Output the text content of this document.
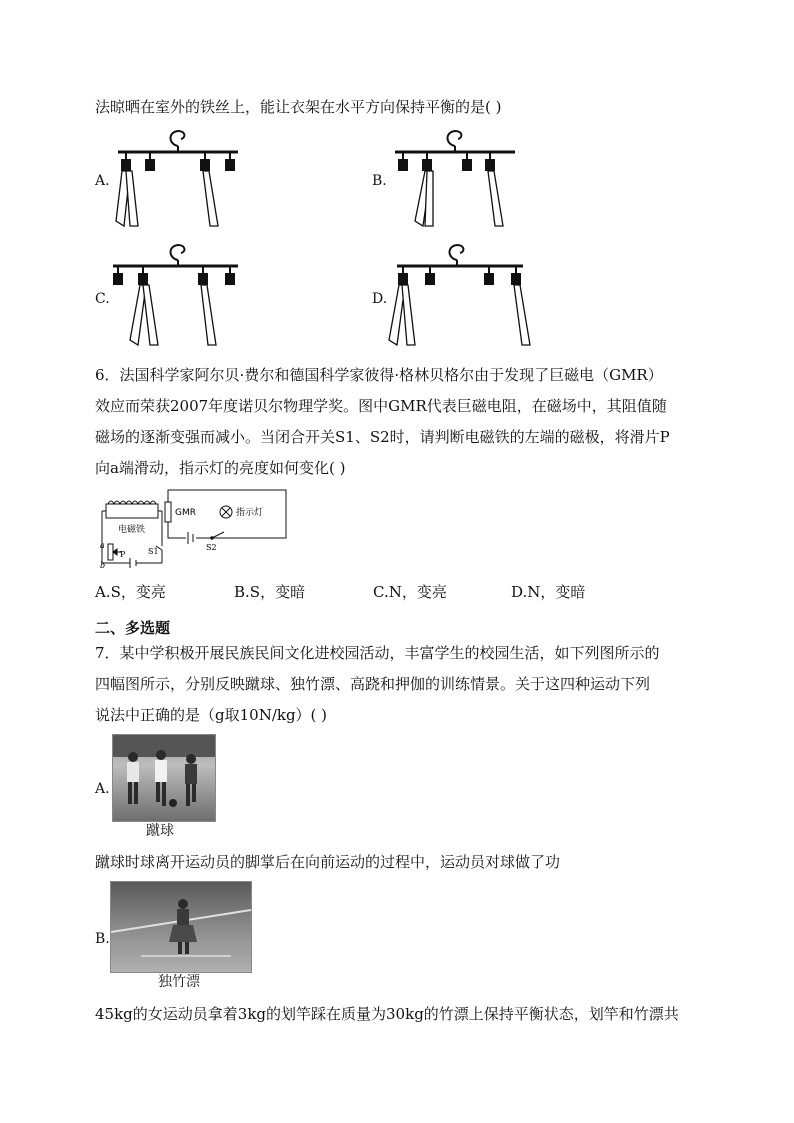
法晾晒在室外的铁丝上，能让衣架在水平方向保持平衡的是( )
A.	B.
C.	D.
6．法国科学家阿尔贝·费尔和德国科学家彼得·格林贝格尔由于发现了巨磁电（GMR）
效应而荣获2007年度诺贝尔物理学奖。图中GMR代表巨磁电阻，在磁场中，其阻值随
磁场的逐渐变强而减小。当闭合开关S1、S2时，请判断电磁铁的左端的磁极，将滑片P
向a端滑动，指示灯的亮度如何变化( )
电磁铁
a
b
P	S1
GMR	指示灯
S2
A.S，变亮	B.S，变暗	C.N，变亮	D.N，变暗
二、多选题
7．某中学积极开展民族民间文化进校园活动，丰富学生的校园生活，如下列图所示的
四幅图所示，分别反映蹴球、独竹漂、高跷和押伽的训练情景。关于这四种运动下列
说法中正确的是（g取10N/kg）( )
A.
蹴球
蹴球时球离开运动员的脚掌后在向前运动的过程中，运动员对球做了功
B.
独竹漂
45kg的女运动员拿着3kg的划竿踩在质量为30kg的竹漂上保持平衡状态，划竿和竹漂共
